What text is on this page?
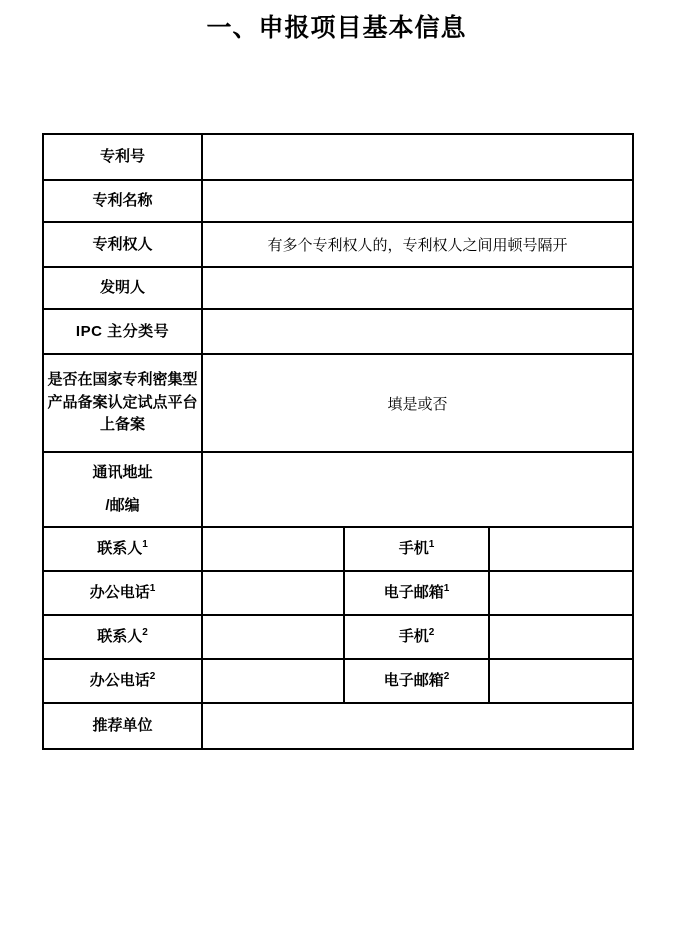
一、申报项目基本信息
专利号			
专利名称			
专利权人	有多个专利权人的，专利权人之间用顿号隔开		
发明人			
IPC 主分类号			
是否在国家专利密集型产品备案认定试点平台上备案	填是或否		

通讯地址
/邮编			

联系人$^1$		手机$^1$	
办公电话$^1$		电子邮箱$^1$	
联系人$^2$		手机$^2$	
办公电话$^2$		电子邮箱$^2$	
推荐单位			
